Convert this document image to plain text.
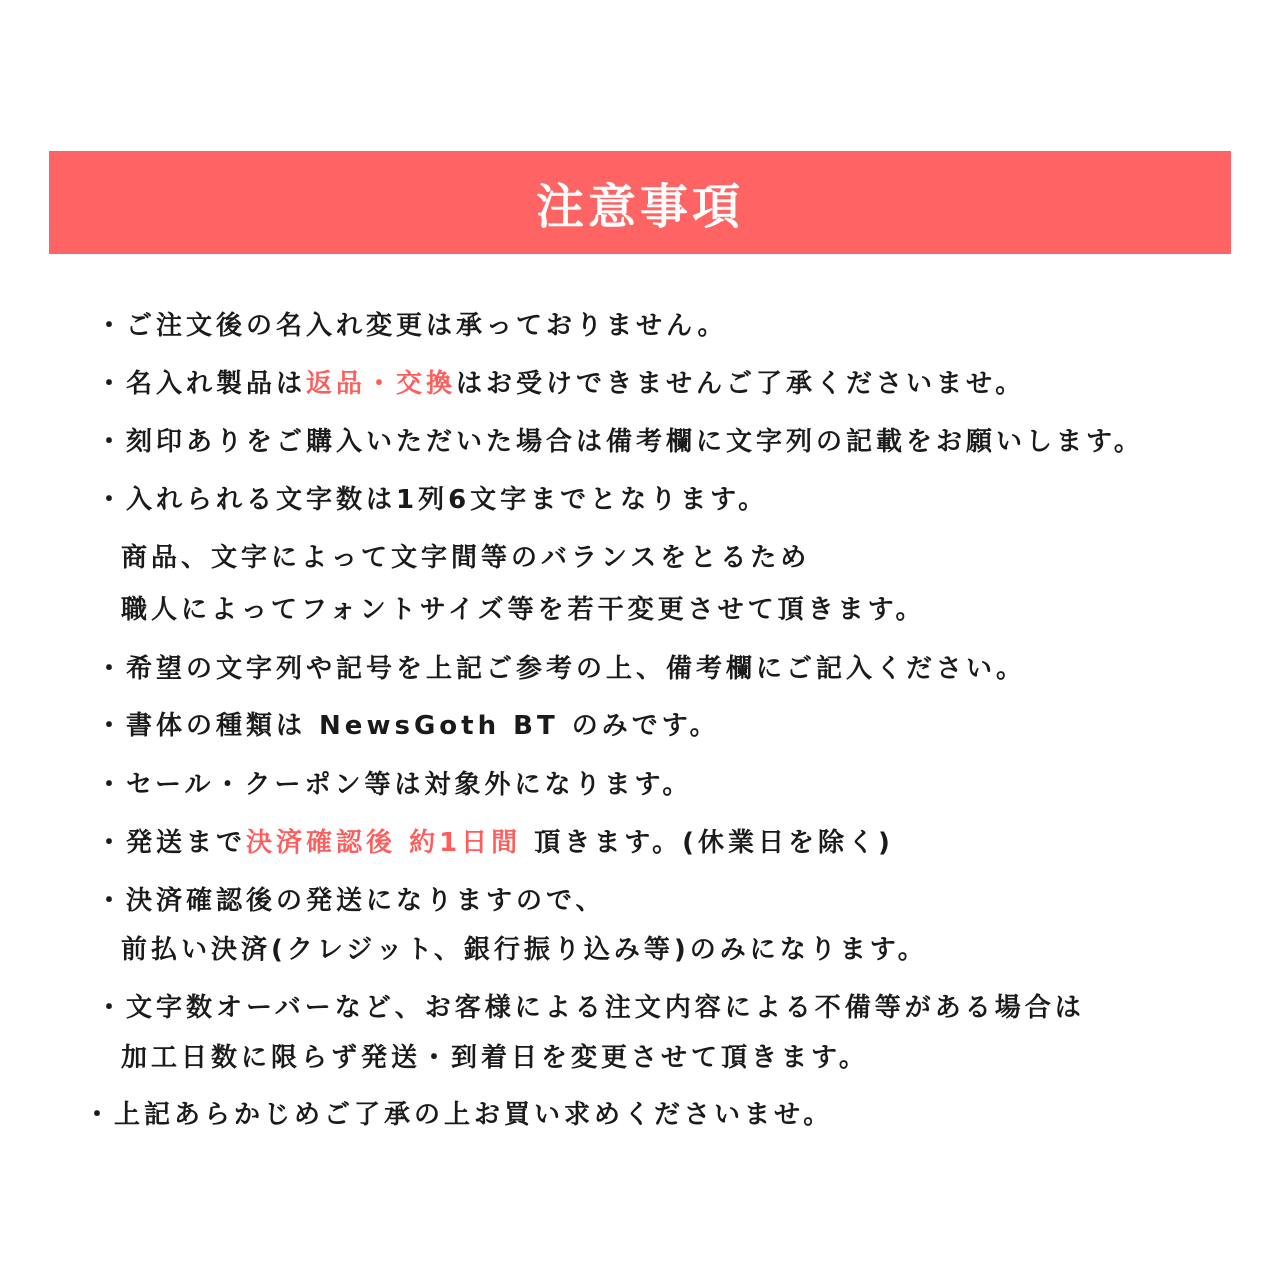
注意事項
・ご注文後の名入れ変更は承っておりません。
・名入れ製品は返品・交換はお受けできませんご了承くださいませ。
・刻印ありをご購入いただいた場合は備考欄に文字列の記載をお願いします。
・入れられる文字数は1列6文字までとなります。
商品、文字によって文字間等のバランスをとるため
職人によってフォントサイズ等を若干変更させて頂きます。
・希望の文字列や記号を上記ご参考の上、備考欄にご記入ください。
・書体の種類は NewsGoth BT のみです。
・セール・クーポン等は対象外になります。
・発送まで決済確認後 約1日間 頂きます。(休業日を除く)
・決済確認後の発送になりますので、
前払い決済(クレジット、銀行振り込み等)のみになります。
・文字数オーバーなど、お客様による注文内容による不備等がある場合は
加工日数に限らず発送・到着日を変更させて頂きます。
・上記あらかじめご了承の上お買い求めくださいませ。
